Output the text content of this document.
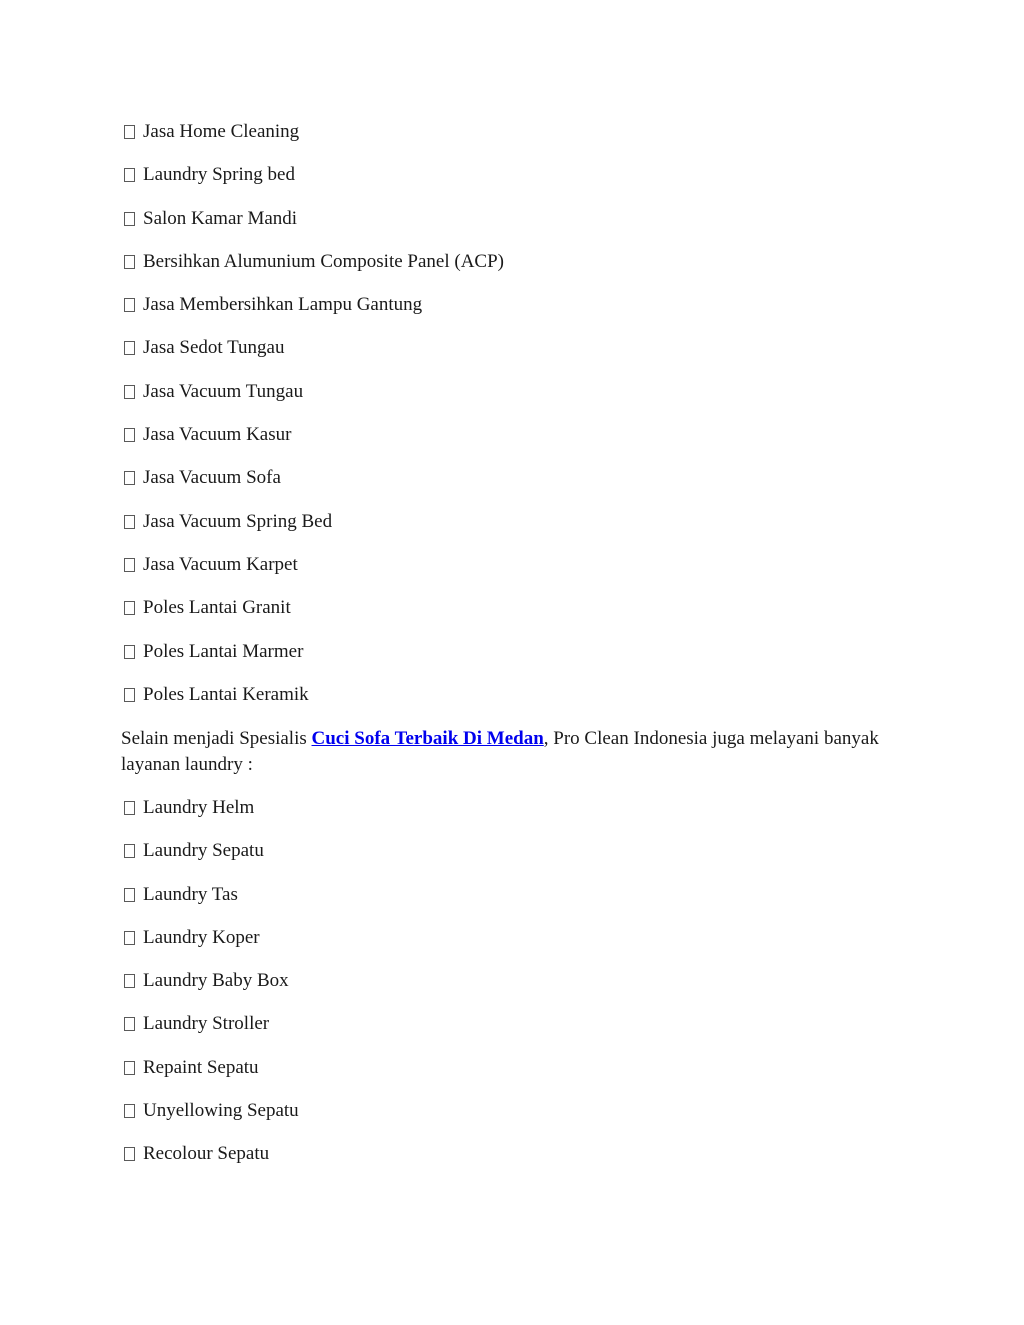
Jasa Home Cleaning
Laundry Spring bed
Salon Kamar Mandi
Bersihkan Alumunium Composite Panel (ACP)
Jasa Membersihkan Lampu Gantung
Jasa Sedot Tungau
Jasa Vacuum Tungau
Jasa Vacuum Kasur
Jasa Vacuum Sofa
Jasa Vacuum Spring Bed
Jasa Vacuum Karpet
Poles Lantai Granit
Poles Lantai Marmer
Poles Lantai Keramik

Selain menjadi Spesialis Cuci Sofa Terbaik Di Medan, Pro Clean Indonesia juga melayani banyak layanan laundry :

Laundry Helm
Laundry Sepatu
Laundry Tas
Laundry Koper
Laundry Baby Box
Laundry Stroller
Repaint Sepatu
Unyellowing Sepatu
Recolour Sepatu
